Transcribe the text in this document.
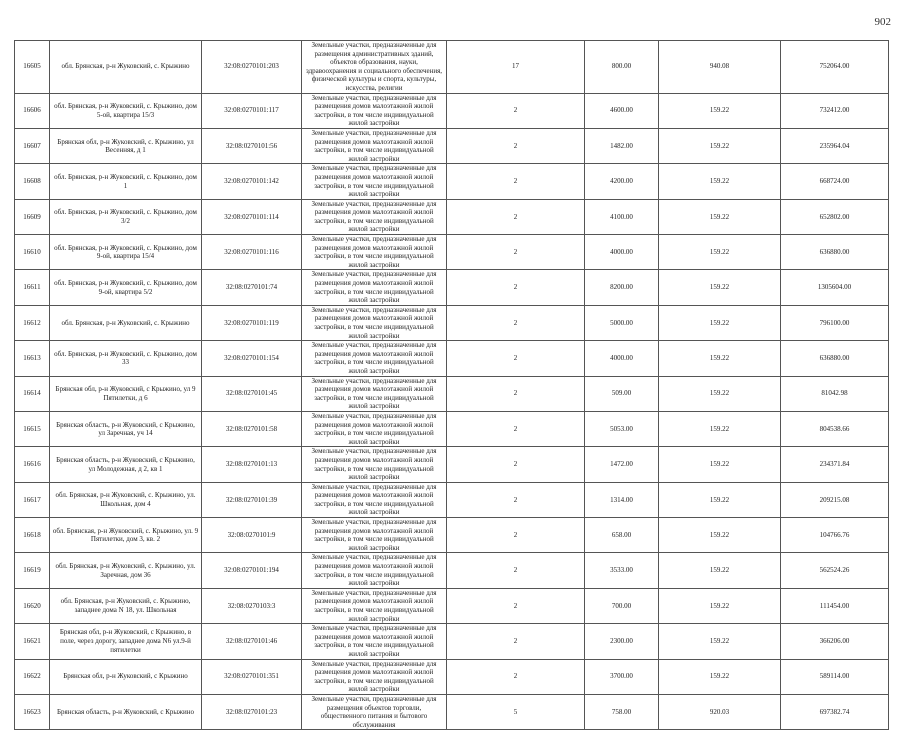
902
16605	обл. Брянская, р-н Жуковский, с. Крыжино	32:08:0270101:203	Земельные участки, предназначенные для размещения административных зданий, объектов образования, науки, здравоохранения и социального обеспечения, физической культуры и спорта, культуры, искусства, религии	17	800.00	940.08	752064.00
16606	обл. Брянская, р-н Жуковский, с. Крыжино, дом 5-ой, квартира 15/3	32:08:0270101:117	Земельные участки, предназначенные для размещения домов малоэтажной жилой застройки, в том числе индивидуальной жилой застройки	2	4600.00	159.22	732412.00
16607	Брянская обл, р-н Жуковский, с. Крыжино, ул Весенняя, д 1	32:08:0270101:56	Земельные участки, предназначенные для размещения домов малоэтажной жилой застройки, в том числе индивидуальной жилой застройки	2	1482.00	159.22	235964.04
16608	обл. Брянская, р-н Жуковский, с. Крыжино, дом 1	32:08:0270101:142	Земельные участки, предназначенные для размещения домов малоэтажной жилой застройки, в том числе индивидуальной жилой застройки	2	4200.00	159.22	668724.00
16609	обл. Брянская, р-н Жуковский, с. Крыжино, дом 3/2	32:08:0270101:114	Земельные участки, предназначенные для размещения домов малоэтажной жилой застройки, в том числе индивидуальной жилой застройки	2	4100.00	159.22	652802.00
16610	обл. Брянская, р-н Жуковский, с. Крыжино, дом 9-ой, квартира 15/4	32:08:0270101:116	Земельные участки, предназначенные для размещения домов малоэтажной жилой застройки, в том числе индивидуальной жилой застройки	2	4000.00	159.22	636880.00
16611	обл. Брянская, р-н Жуковский, с. Крыжино, дом 9-ой, квартира 5/2	32:08:0270101:74	Земельные участки, предназначенные для размещения домов малоэтажной жилой застройки, в том числе индивидуальной жилой застройки	2	8200.00	159.22	1305604.00
16612	обл. Брянская, р-н Жуковский, с. Крыжино	32:08:0270101:119	Земельные участки, предназначенные для размещения домов малоэтажной жилой застройки, в том числе индивидуальной жилой застройки	2	5000.00	159.22	796100.00
16613	обл. Брянская, р-н Жуковский, с. Крыжино, дом 33	32:08:0270101:154	Земельные участки, предназначенные для размещения домов малоэтажной жилой застройки, в том числе индивидуальной жилой застройки	2	4000.00	159.22	636880.00
16614	Брянская обл, р-н Жуковский, с Крыжино, ул 9 Пятилетки, д 6	32:08:0270101:45	Земельные участки, предназначенные для размещения домов малоэтажной жилой застройки, в том числе индивидуальной жилой застройки	2	509.00	159.22	81042.98
16615	Брянская область, р-н Жуковский, с Крыжино, ул Заречная, уч 14	32:08:0270101:58	Земельные участки, предназначенные для размещения домов малоэтажной жилой застройки, в том числе индивидуальной жилой застройки	2	5053.00	159.22	804538.66
16616	Брянская область, р-н Жуковский, с Крыжино, ул Молодежная, д 2, кв 1	32:08:0270101:13	Земельные участки, предназначенные для размещения домов малоэтажной жилой застройки, в том числе индивидуальной жилой застройки	2	1472.00	159.22	234371.84
16617	обл. Брянская, р-н Жуковский, с. Крыжино, ул. Школьная, дом 4	32:08:0270101:39	Земельные участки, предназначенные для размещения домов малоэтажной жилой застройки, в том числе индивидуальной жилой застройки	2	1314.00	159.22	209215.08
16618	обл. Брянская, р-н Жуковский, с. Крыжино, ул. 9 Пятилетки, дом 3, кв. 2	32:08:0270101:9	Земельные участки, предназначенные для размещения домов малоэтажной жилой застройки, в том числе индивидуальной жилой застройки	2	658.00	159.22	104766.76
16619	обл. Брянская, р-н Жуковский, с. Крыжино, ул. Заречная, дом 36	32:08:0270101:194	Земельные участки, предназначенные для размещения домов малоэтажной жилой застройки, в том числе индивидуальной жилой застройки	2	3533.00	159.22	562524.26
16620	обл. Брянская, р-н Жуковский, с. Крыжино, западнее дома N 18, ул. Школьная	32:08:0270103:3	Земельные участки, предназначенные для размещения домов малоэтажной жилой застройки, в том числе индивидуальной жилой застройки	2	700.00	159.22	111454.00
16621	Брянская обл, р-н Жуковский, с Крыжино, в поле, через дорогу, западнее дома N6 ул.9-й пятилетки	32:08:0270101:46	Земельные участки, предназначенные для размещения домов малоэтажной жилой застройки, в том числе индивидуальной жилой застройки	2	2300.00	159.22	366206.00
16622	Брянская обл, р-н Жуковский, с Крыжино	32:08:0270101:351	Земельные участки, предназначенные для размещения домов малоэтажной жилой застройки, в том числе индивидуальной жилой застройки	2	3700.00	159.22	589114.00
16623	Брянская область, р-н Жуковский, с Крыжино	32:08:0270101:23	Земельные участки, предназначенные для размещения объектов торговли, общественного питания и бытового обслуживания	5	758.00	920.03	697382.74
